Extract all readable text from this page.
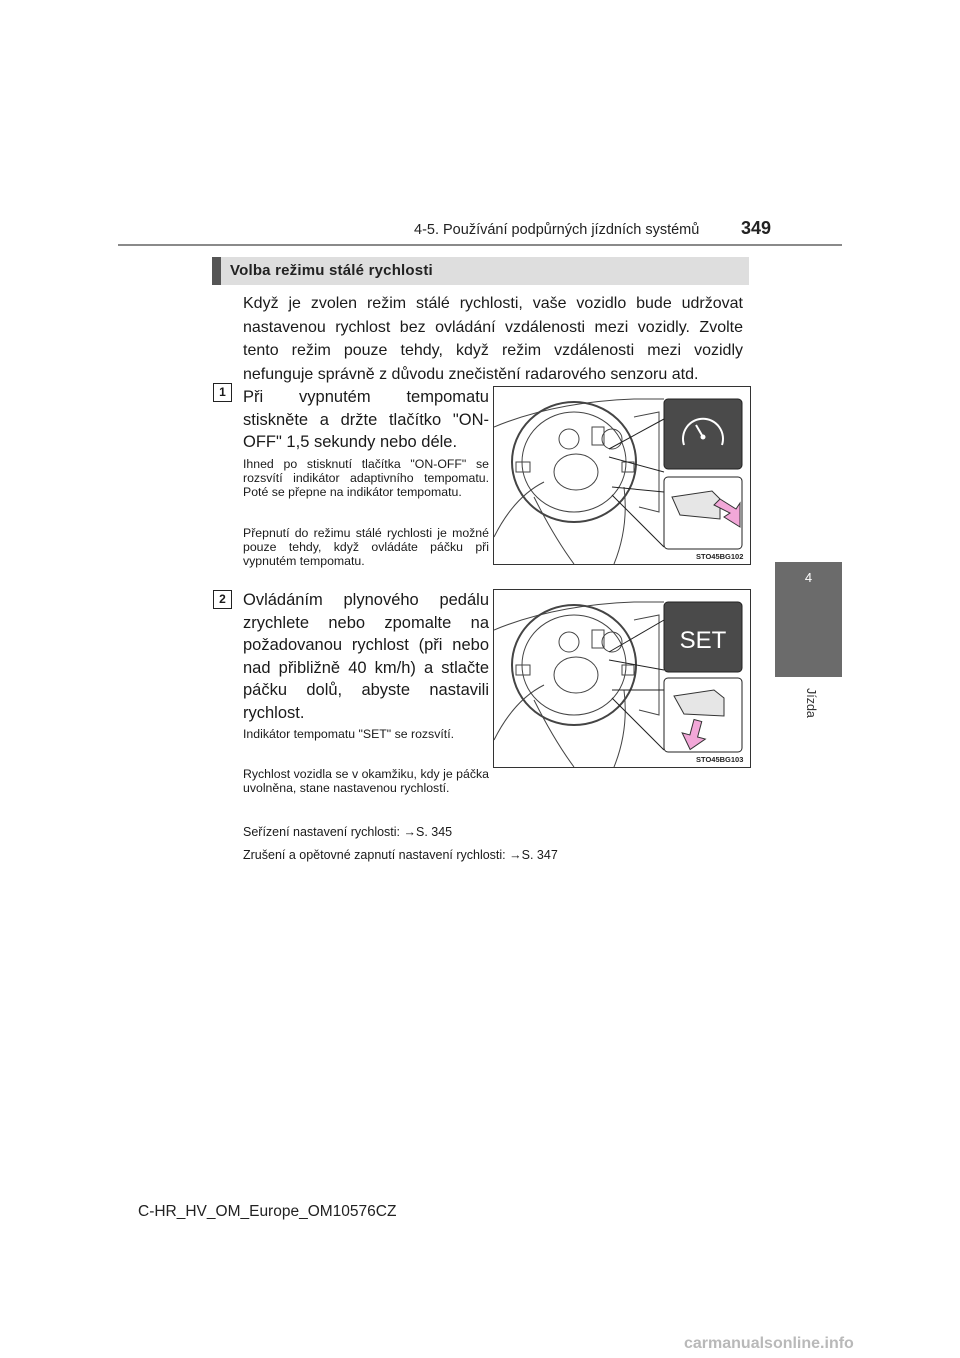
4-5. Používání podpůrných jízdních systémů 349
4
Jízda
Volba režimu stálé rychlosti
Když je zvolen režim stálé rychlosti, vaše vozidlo bude udržovat nastavenou rychlost bez ovládání vzdálenosti mezi vozidly. Zvolte tento režim pouze tehdy, když režim vzdálenosti mezi vozidly nefunguje správně z důvodu znečistění radarového senzoru atd.
1	Při vypnutém tempomatu stiskněte a držte tlačítko "ON-OFF" 1,5 sekundy nebo déle.
Ihned po stisknutí tlačítka "ON-OFF" se rozsvítí indikátor adaptivního tempomatu. Poté se přepne na indikátor tempomatu.
Přepnutí do režimu stálé rychlosti je možné pouze tehdy, když ovládáte páčku při vypnutém tempomatu.	STO45BG102
2	Ovládáním plynového pedálu zrychlete nebo zpomalte na požadovanou rychlost (při nebo nad přibližně 40 km/h) a stlačte páčku dolů, abyste nastavili rychlost.
Indikátor tempomatu "SET" se rozsvítí.
Rychlost vozidla se v okamžiku, kdy je páčka uvolněna, stane nastavenou rychlostí.
SET
STO45BG103
Seřízení nastavení rychlosti: →S. 345
Zrušení a opětovné zapnutí nastavení rychlosti: →S. 347
C-HR_HV_OM_Europe_OM10576CZ
carmanualsonline.info
